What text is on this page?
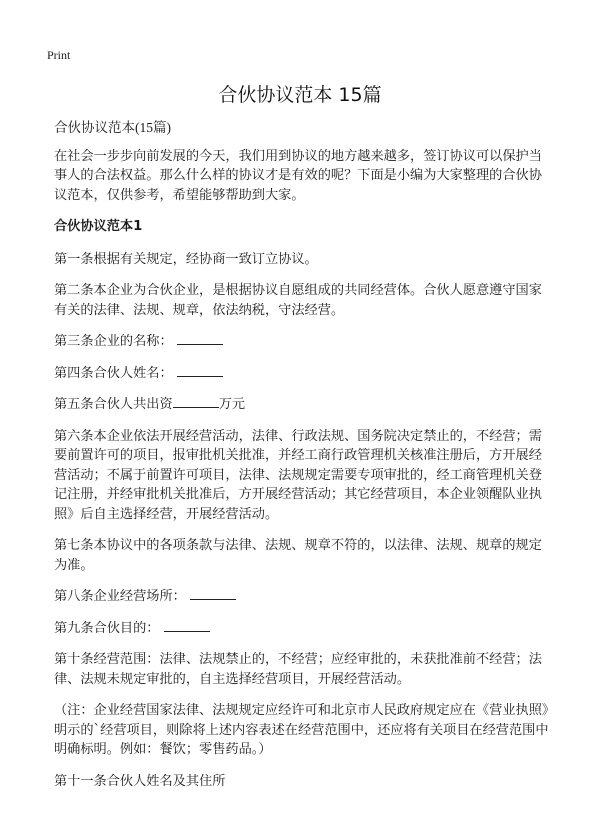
Print
合伙协议范本 15篇

合伙协议范本(15篇)

在社会一步步向前发展的今天，我们用到协议的地方越来越多，签订协议可以保护当事人的合法权益。那么什么样的协议才是有效的呢？下面是小编为大家整理的合伙协议范本，仅供参考，希望能够帮助到大家。

合伙协议范本1

第一条根据有关规定，经协商一致订立协议。

第二条本企业为合伙企业，是根据协议自愿组成的共同经营体。合伙人愿意遵守国家有关的法律、法规、规章，依法纳税，守法经营。

第三条企业的名称：

第四条合伙人姓名：

第五条合伙人共出资	万元

第六条本企业依法开展经营活动，法律、行政法规、国务院决定禁止的，不经营；需要前置许可的项目，报审批机关批准，并经工商行政管理机关核准注册后，方开展经营活动；不属于前置许可项目，法律、法规规定需要专项审批的，经工商管理机关登记注册，并经审批机关批准后，方开展经营活动；其它经营项目，本企业领醒队业执照》后自主选择经营，开展经营活动。

第七条本协议中的各项条款与法律、法规、规章不符的，以法律、法规、规章的规定为准。

第八条企业经营场所：

第九条合伙目的：

第十条经营范围：法律、法规禁止的，不经营；应经审批的，未获批准前不经营；法律、法规未规定审批的，自主选择经营项目，开展经营活动。

（注：企业经营国家法律、法规规定应经许可和北京市人民政府规定应在《营业执照》明示的`经营项目，则除将上述内容表述在经营范围中，还应将有关项目在经营范围中明确标明。例如：餐饮；零售药品。）

第十一条合伙人姓名及其住所
